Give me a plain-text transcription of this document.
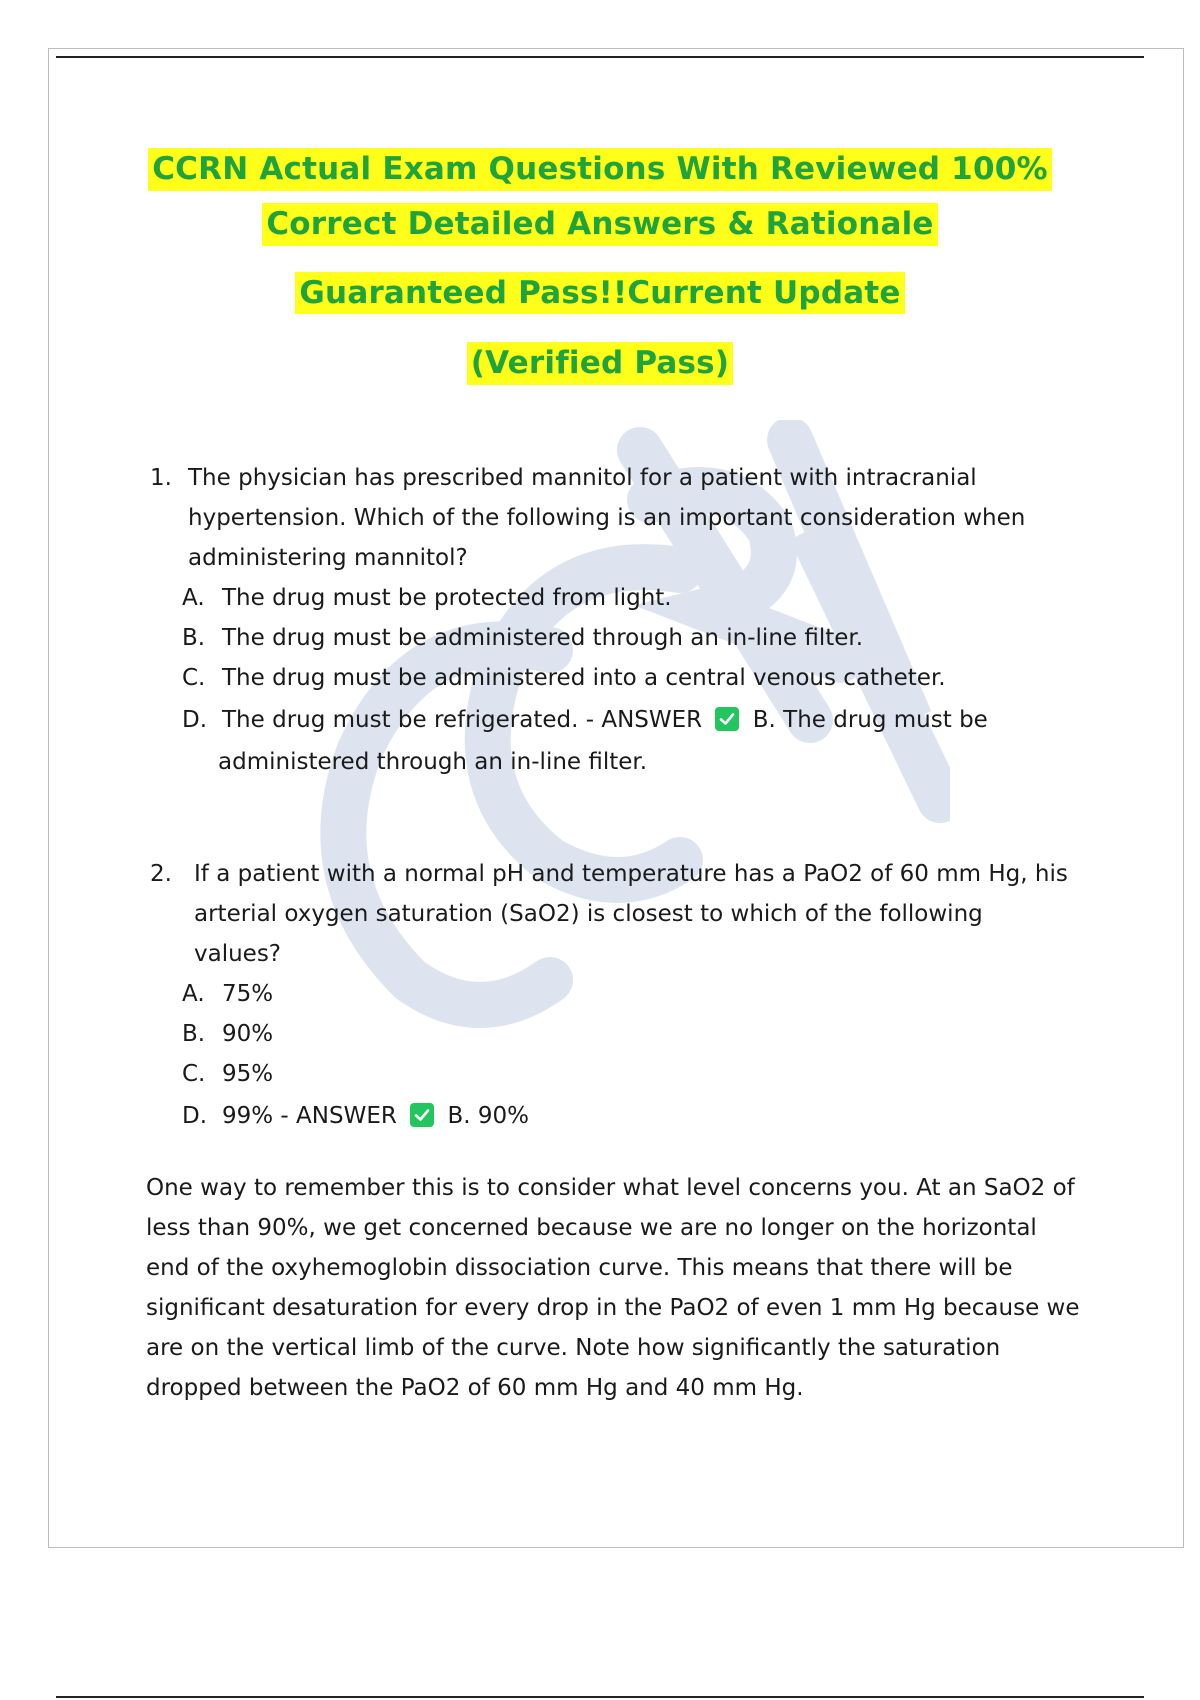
CCRN Actual Exam Questions With Reviewed 100%
Correct Detailed Answers & Rationale
Guaranteed Pass!!Current Update
(Verified Pass)
1. The physician has prescribed mannitol for a patient with intracranial hypertension. Which of the following is an important consideration when administering mannitol?
A. The drug must be protected from light.
B. The drug must be administered through an in-line filter.
C. The drug must be administered into a central venous catheter.
D. The drug must be refrigerated. - ANSWER B. The drug must be
administered through an in-line filter.
2. If a patient with a normal pH and temperature has a PaO2 of 60 mm Hg, his arterial oxygen saturation (SaO2) is closest to which of the following values?
A. 75%
B. 90%
C. 95%
D. 99% - ANSWER B. 90%
One way to remember this is to consider what level concerns you. At an SaO2 of less than 90%, we get concerned because we are no longer on the horizontal end of the oxyhemoglobin dissociation curve. This means that there will be significant desaturation for every drop in the PaO2 of even 1 mm Hg because we are on the vertical limb of the curve. Note how significantly the saturation dropped between the PaO2 of 60 mm Hg and 40 mm Hg.
